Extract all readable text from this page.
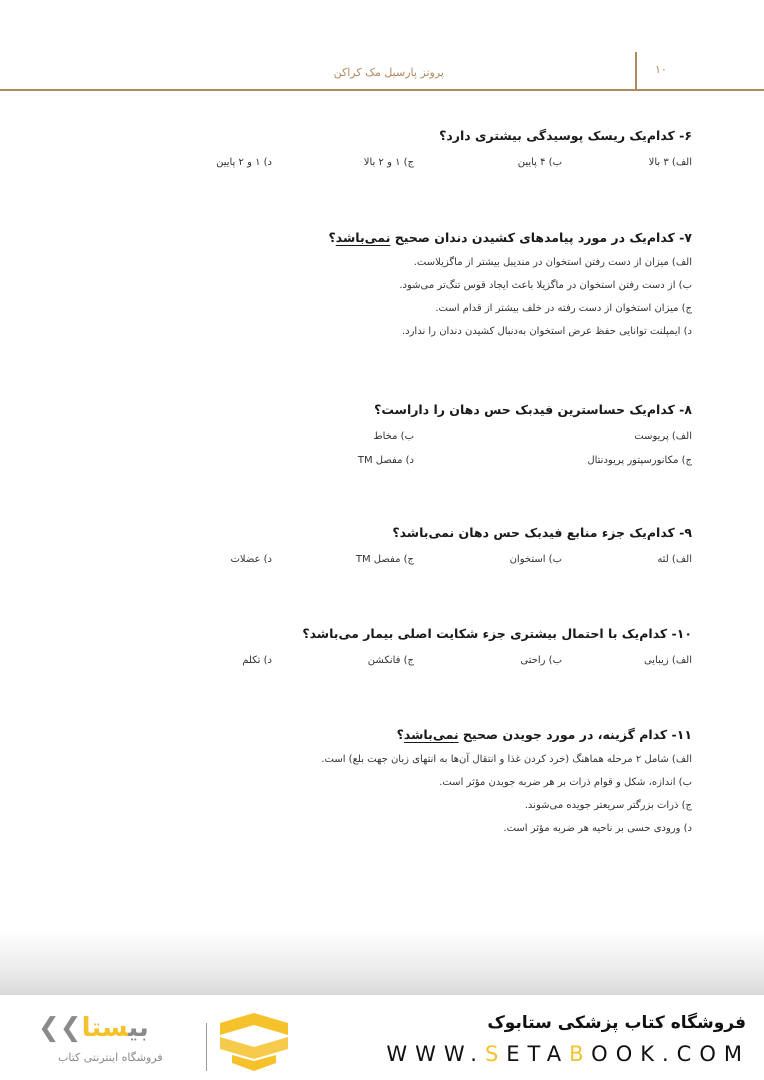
۱۰
پروتز پارسیل مک کراکن
۶- کدام‌یک ریسک پوسیدگی بیشتری دارد؟
الف) ۳ بالا
ب) ۴ پایین
ج) ۱ و ۲ بالا
د) ۱ و ۲ پایین
۷- کدام‌یک در مورد پیامدهای کشیدن دندان صحیح نمی‌باشد؟
الف) میزان از دست رفتن استخوان در مندیبل بیشتر از ماگزیلاست.
ب) از دست رفتن استخوان در ماگزیلا باعث ایجاد قوس تنگ‌تر می‌شود.
ج) میزان استخوان از دست رفته در خلف بیشتر از قدام است.
د) ایمپلنت توانایی حفظ عرض استخوان به‌دنبال کشیدن دندان را ندارد.
۸- کدام‌یک حساسترین فیدبک حس دهان را داراست؟
الف) پریوست
ب) مخاط
ج) مکانورسپتور پریودنتال
د) مفصل TM
۹- کدام‌یک جزء منابع فیدبک حس دهان نمی‌باشد؟
الف) لثه
ب) استخوان
ج) مفصل TM
د) عضلات
۱۰- کدام‌یک با احتمال بیشتری جزء شکایت اصلی بیمار می‌باشد؟
الف) زیبایی
ب) راحتی
ج) فانکشن
د) تکلم
۱۱- کدام گزینه، در مورد جویدن صحیح نمی‌باشد؟
الف) شامل ۲ مرحله هماهنگ (خرد کردن غذا و انتقال آن‌ها به انتهای زبان جهت بلع) است.
ب) اندازه، شکل و قوام ذرات بر هر ضربه جویدن مؤثر است.
ج) ذرات بزرگتر سریعتر جویده می‌شوند.
د) ورودی حسی بر ناحیه هر ضربه مؤثر است.
فروشگاه کتاب پزشکی ستابوک
WWW.SETABOOK.COM
❮❮ بیستا
فروشگاه اینترنتی کتاب
